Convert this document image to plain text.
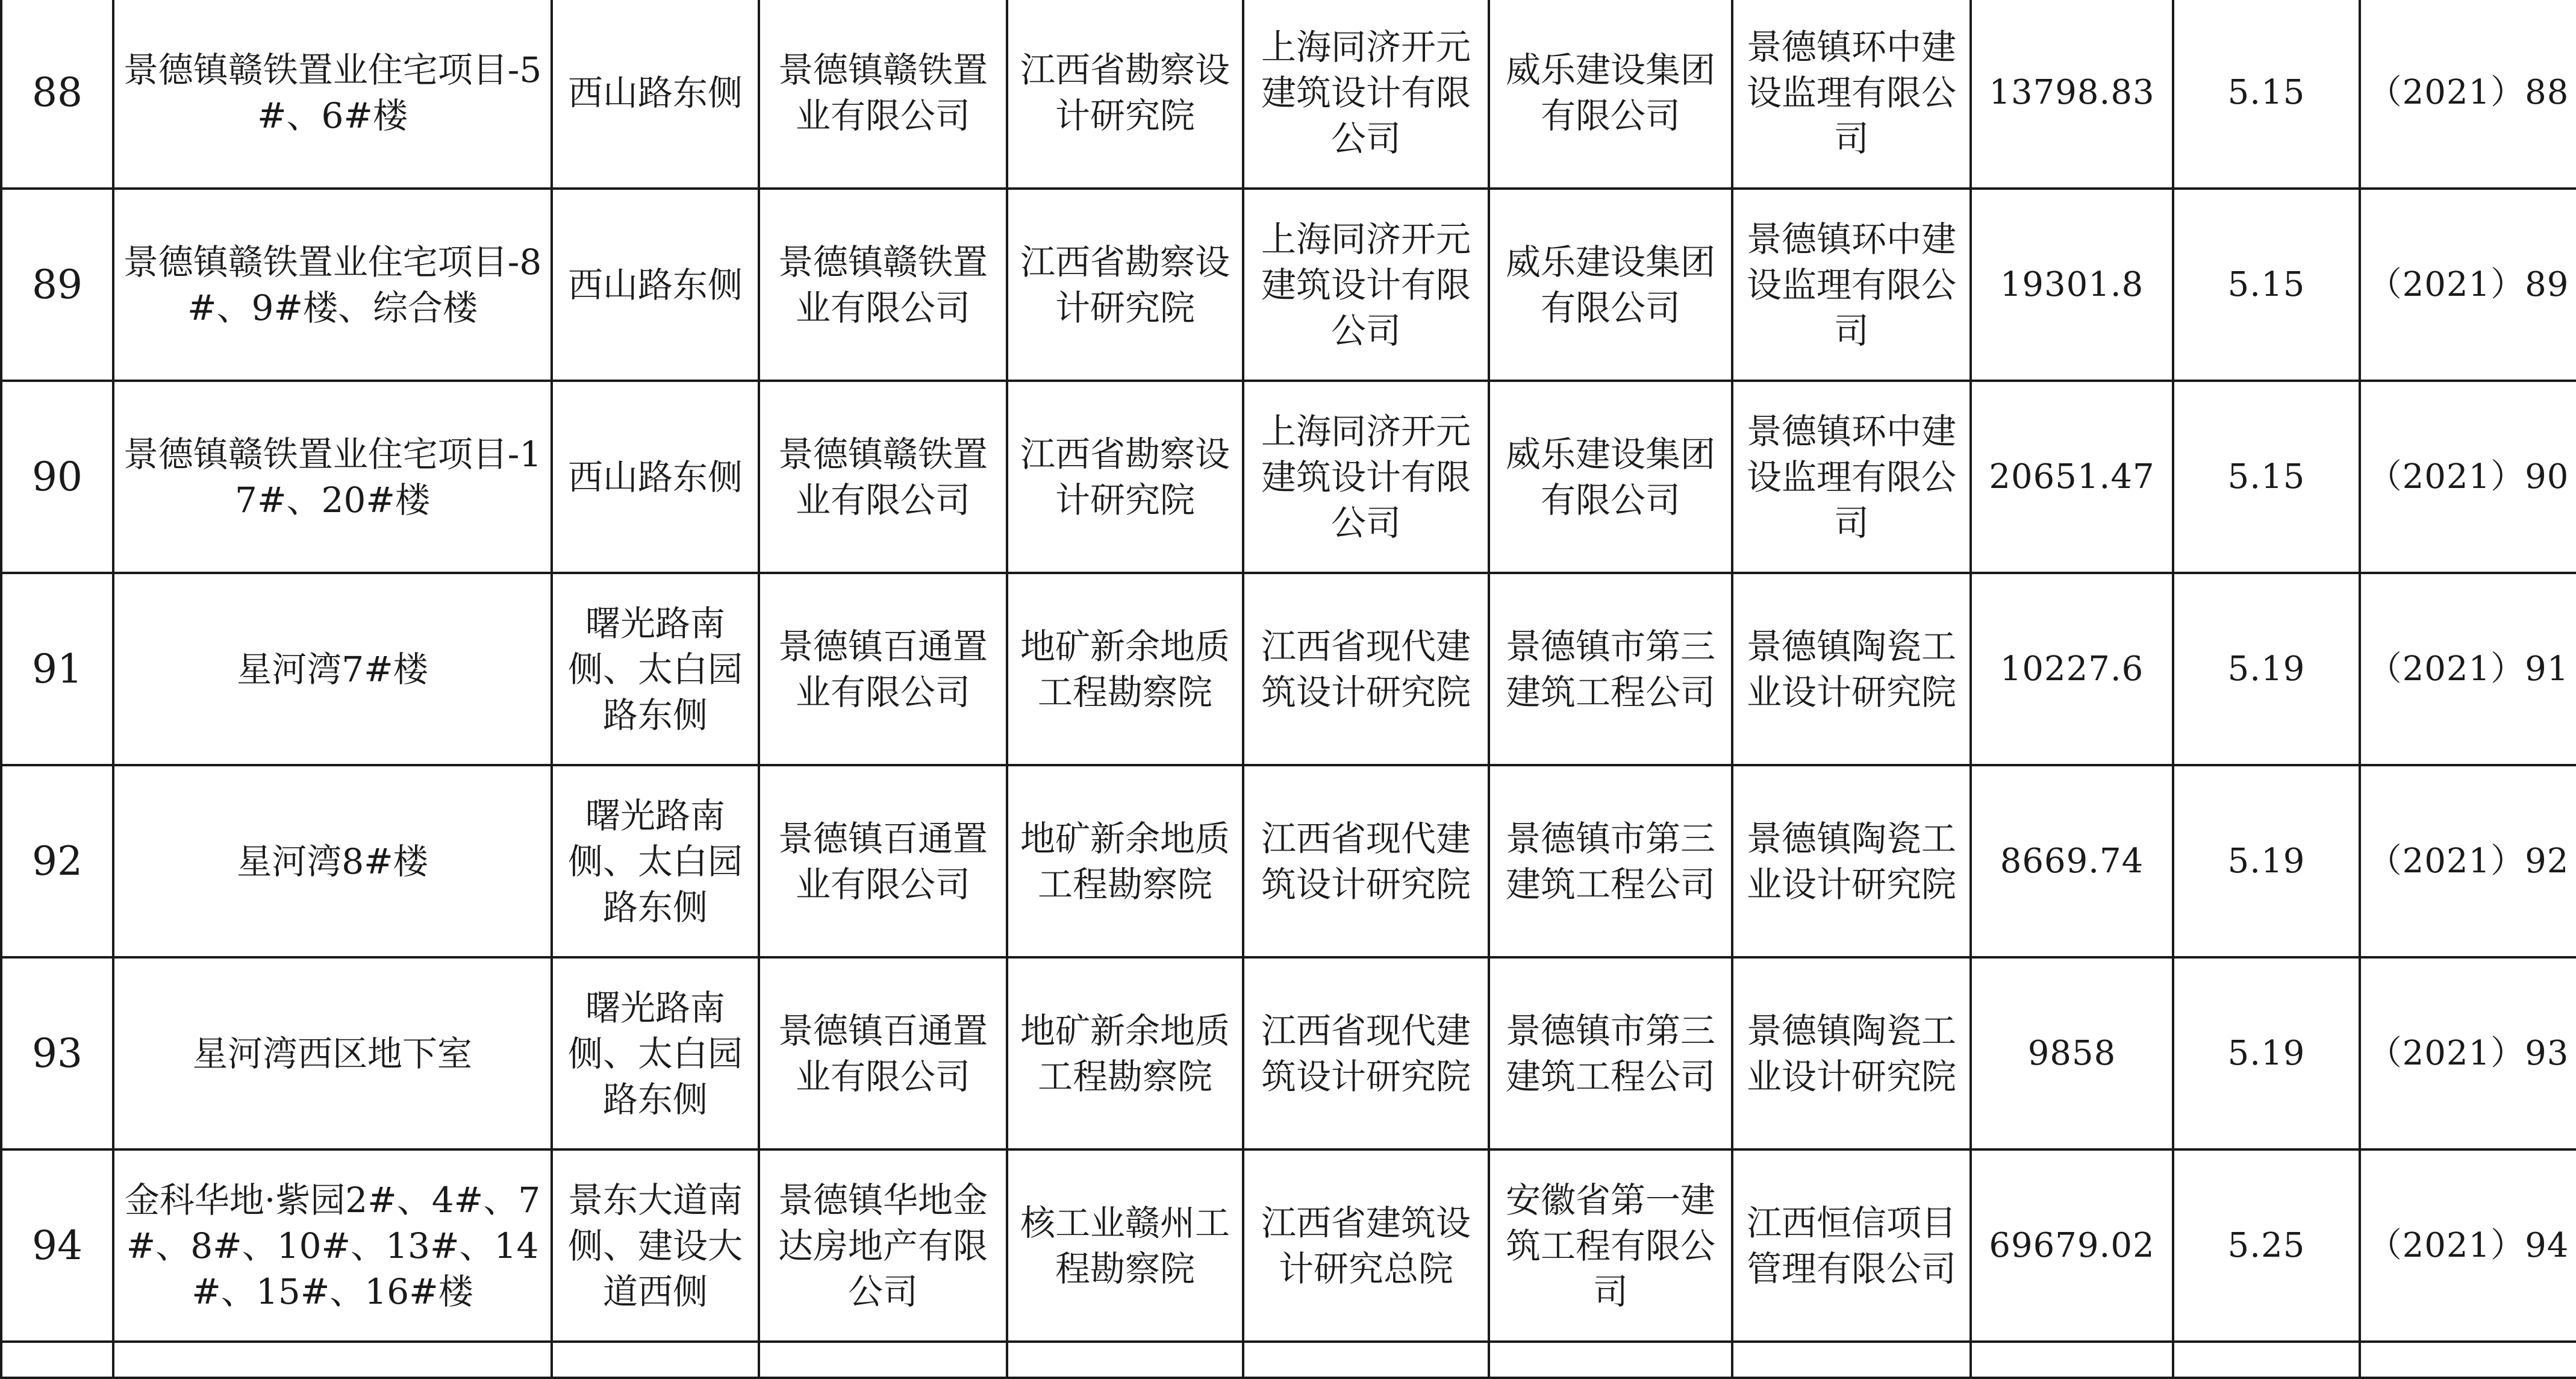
88	景德镇赣铁置业住宅项目-5#、6#楼	西山路东侧	景德镇赣铁置业有限公司	江西省勘察设计研究院	上海同济开元建筑设计有限公司	威乐建设集团有限公司	景德镇环中建设监理有限公司	13798.83	5.15	（2021）88
89	景德镇赣铁置业住宅项目-8#、9#楼、综合楼	西山路东侧	景德镇赣铁置业有限公司	江西省勘察设计研究院	上海同济开元建筑设计有限公司	威乐建设集团有限公司	景德镇环中建设监理有限公司	19301.8	5.15	（2021）89
90	景德镇赣铁置业住宅项目-17#、20#楼	西山路东侧	景德镇赣铁置业有限公司	江西省勘察设计研究院	上海同济开元建筑设计有限公司	威乐建设集团有限公司	景德镇环中建设监理有限公司	20651.47	5.15	（2021）90
91	星河湾7#楼	曙光路南侧、太白园路东侧	景德镇百通置业有限公司	地矿新余地质工程勘察院	江西省现代建筑设计研究院	景德镇市第三建筑工程公司	景德镇陶瓷工业设计研究院	10227.6	5.19	（2021）91
92	星河湾8#楼	曙光路南侧、太白园路东侧	景德镇百通置业有限公司	地矿新余地质工程勘察院	江西省现代建筑设计研究院	景德镇市第三建筑工程公司	景德镇陶瓷工业设计研究院	8669.74	5.19	（2021）92
93	星河湾西区地下室	曙光路南侧、太白园路东侧	景德镇百通置业有限公司	地矿新余地质工程勘察院	江西省现代建筑设计研究院	景德镇市第三建筑工程公司	景德镇陶瓷工业设计研究院	9858	5.19	（2021）93
94	金科华地·紫园2#、4#、7#、8#、10#、13#、14#、15#、16#楼	景东大道南侧、建设大道西侧	景德镇华地金达房地产有限公司	核工业赣州工程勘察院	江西省建筑设计研究总院	安徽省第一建筑工程有限公司	江西恒信项目管理有限公司	69679.02	5.25	（2021）94
